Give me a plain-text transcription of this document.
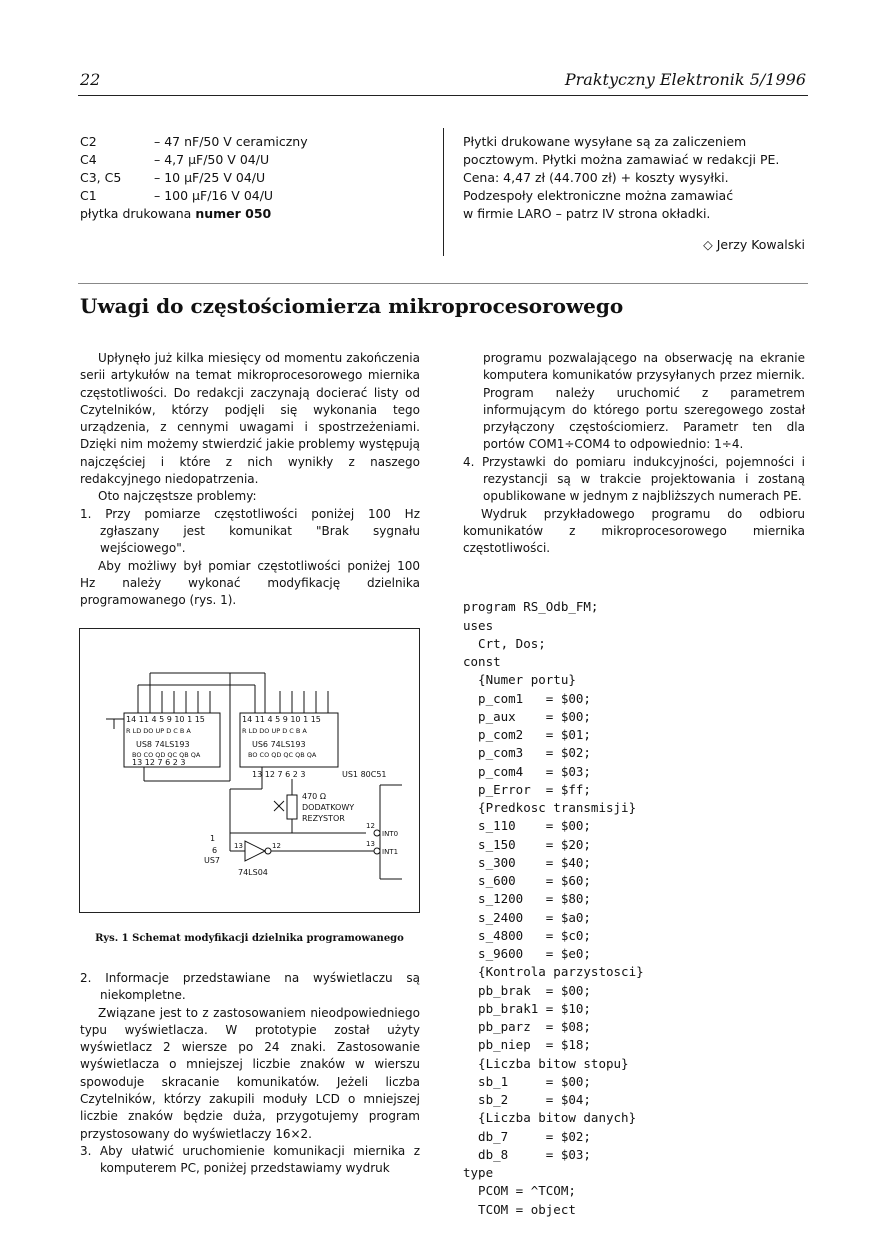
22	Praktyczny Elektronik 5/1996
C2	– 47 nF/50 V ceramiczny
C4	– 4,7 µF/50 V 04/U
C3, C5	– 10 µF/25 V 04/U
C1	– 100 µF/16 V 04/U
płytka drukowana numer 050
Płytki drukowane wysyłane są za zaliczeniem
pocztowym. Płytki można zamawiać w redakcji PE.
Cena: 4,47 zł (44.700 zł) + koszty wysyłki.
Podzespoły elektroniczne można zamawiać
w firmie LARO – patrz IV strona okładki.
◇ Jerzy Kowalski
Uwagi do częstościomierza mikroprocesorowego

Upłynęło już kilka miesięcy od momentu zakończenia serii artykułów na temat mikroprocesorowego miernika częstotliwości. Do redakcji zaczynają docierać listy od Czytelników, którzy podjęli się wykonania tego urządzenia, z cennymi uwagami i spostrzeżeniami. Dzięki nim możemy stwierdzić jakie problemy występują najczęściej i które z nich wynikły z naszego redakcyjnego niedopatrzenia.

Oto najczęstsze problemy:

1. Przy pomiarze częstotliwości poniżej 100 Hz zgłaszany jest komunikat "Brak sygnału wejściowego".

Aby możliwy był pomiar częstotliwości poniżej 100 Hz należy wykonać modyfikację dzielnika programowanego (rys. 1).

14 11 4 5 9 10 1 15
R LD DO UP D C B A
US8 74LS193
BO CO QD QC QB QA
13 12 7 6 2 3
14 11 4 5 9 10 1 15
R LD DO UP D C B A
US6 74LS193
BO CO QD QC QB QA
13 12 7 6 2 3	US1 80C51
470 Ω
DODATKOWY
REZYSTOR
12
INT0
13
INT1
1
6
US7
13	12
74LS04
Rys. 1 Schemat modyfikacji dzielnika programowanego

2. Informacje przedstawiane na wyświetlaczu są niekompletne.

Związane jest to z zastosowaniem nieodpowiedniego typu wyświetlacza. W prototypie został użyty wyświetlacz 2 wiersze po 24 znaki. Zastosowanie wyświetlacza o mniejszej liczbie znaków w wierszu spowoduje skracanie komunikatów. Jeżeli liczba Czytelników, którzy zakupili moduły LCD o mniejszej liczbie znaków będzie duża, przygotujemy program przystosowany do wyświetlaczy 16×2.

3. Aby ułatwić uruchomienie komunikacji miernika z komputerem PC, poniżej przedstawiamy wydruk

programu pozwalającego na obserwację na ekranie komputera komunikatów przysyłanych przez miernik. Program należy uruchomić z parametrem informującym do którego portu szeregowego został przyłączony częstościomierz. Parametr ten dla portów COM1÷COM4 to odpowiednio: 1÷4.

4. Przystawki do pomiaru indukcyjności, pojemności i rezystancji są w trakcie projektowania i zostaną opublikowane w jednym z najbliższych numerach PE.

Wydruk przykładowego programu do odbioru komunikatów z mikroprocesorowego miernika częstotliwości.

program RS_Odb_FM;
uses
Crt, Dos;
const
{Numer portu}
p_com1   = $00;
p_aux    = $00;
p_com2   = $01;
p_com3   = $02;
p_com4   = $03;
p_Error  = $ff;
{Predkosc transmisji}
s_110    = $00;
s_150    = $20;
s_300    = $40;
s_600    = $60;
s_1200   = $80;
s_2400   = $a0;
s_4800   = $c0;
s_9600   = $e0;
{Kontrola parzystosci}
pb_brak  = $00;
pb_brak1 = $10;
pb_parz  = $08;
pb_niep  = $18;
{Liczba bitow stopu}
sb_1     = $00;
sb_2     = $04;
{Liczba bitow danych}
db_7     = $02;
db_8     = $03;
type
PCOM = ^TCOM;
TCOM = object
